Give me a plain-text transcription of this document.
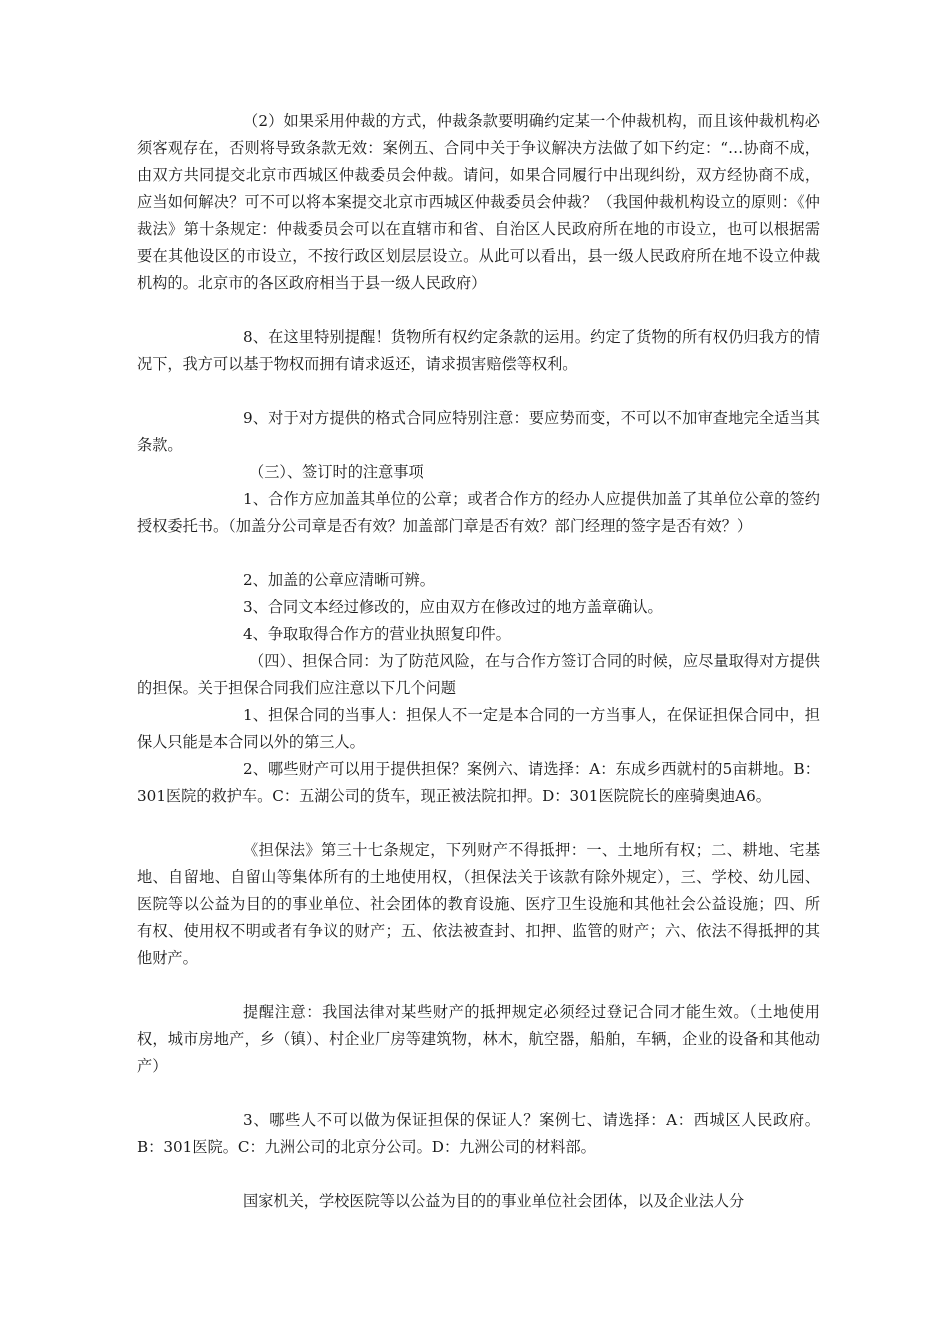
（2）如果采用仲裁的方式，仲裁条款要明确约定某一个仲裁机构，而且该仲裁机构必须客观存在，否则将导致条款无效：案例五、合同中关于争议解决方法做了如下约定：“…协商不成，由双方共同提交北京市西城区仲裁委员会仲裁。请问，如果合同履行中出现纠纷，双方经协商不成，应当如何解决？可不可以将本案提交北京市西城区仲裁委员会仲裁？（我国仲裁机构设立的原则：《仲裁法》第十条规定：仲裁委员会可以在直辖市和省、自治区人民政府所在地的市设立，也可以根据需要在其他设区的市设立，不按行政区划层层设立。从此可以看出，县一级人民政府所在地不设立仲裁机构的。北京市的各区政府相当于县一级人民政府）

8、在这里特别提醒！货物所有权约定条款的运用。约定了货物的所有权仍归我方的情况下，我方可以基于物权而拥有请求返还，请求损害赔偿等权利。

9、对于对方提供的格式合同应特别注意：要应势而变，不可以不加审查地完全适当其条款。

（三）、签订时的注意事项

1、合作方应加盖其单位的公章；或者合作方的经办人应提供加盖了其单位公章的签约授权委托书。（加盖分公司章是否有效？加盖部门章是否有效？部门经理的签字是否有效？）

2、加盖的公章应清晰可辨。

3、合同文本经过修改的，应由双方在修改过的地方盖章确认。

4、争取取得合作方的营业执照复印件。

（四）、担保合同：为了防范风险，在与合作方签订合同的时候，应尽量取得对方提供的担保。关于担保合同我们应注意以下几个问题

1、担保合同的当事人：担保人不一定是本合同的一方当事人，在保证担保合同中，担保人只能是本合同以外的第三人。

2、哪些财产可以用于提供担保？案例六、请选择：A：东成乡西就村的5亩耕地。B：301医院的救护车。C：五湖公司的货车，现正被法院扣押。D：301医院院长的座骑奥迪A6。

《担保法》第三十七条规定，下列财产不得抵押：一、土地所有权；二、耕地、宅基地、自留地、自留山等集体所有的土地使用权，（担保法关于该款有除外规定），三、学校、幼儿园、医院等以公益为目的的事业单位、社会团体的教育设施、医疗卫生设施和其他社会公益设施；四、所有权、使用权不明或者有争议的财产；五、依法被查封、扣押、监管的财产；六、依法不得抵押的其他财产。

提醒注意：我国法律对某些财产的抵押规定必须经过登记合同才能生效。（土地使用权，城市房地产，乡（镇）、村企业厂房等建筑物，林木，航空器，船舶，车辆，企业的设备和其他动产）

3、哪些人不可以做为保证担保的保证人？案例七、请选择：A：西城区人民政府。B：301医院。C：九洲公司的北京分公司。D：九洲公司的材料部。

国家机关，学校医院等以公益为目的的事业单位社会团体，以及企业法人分
